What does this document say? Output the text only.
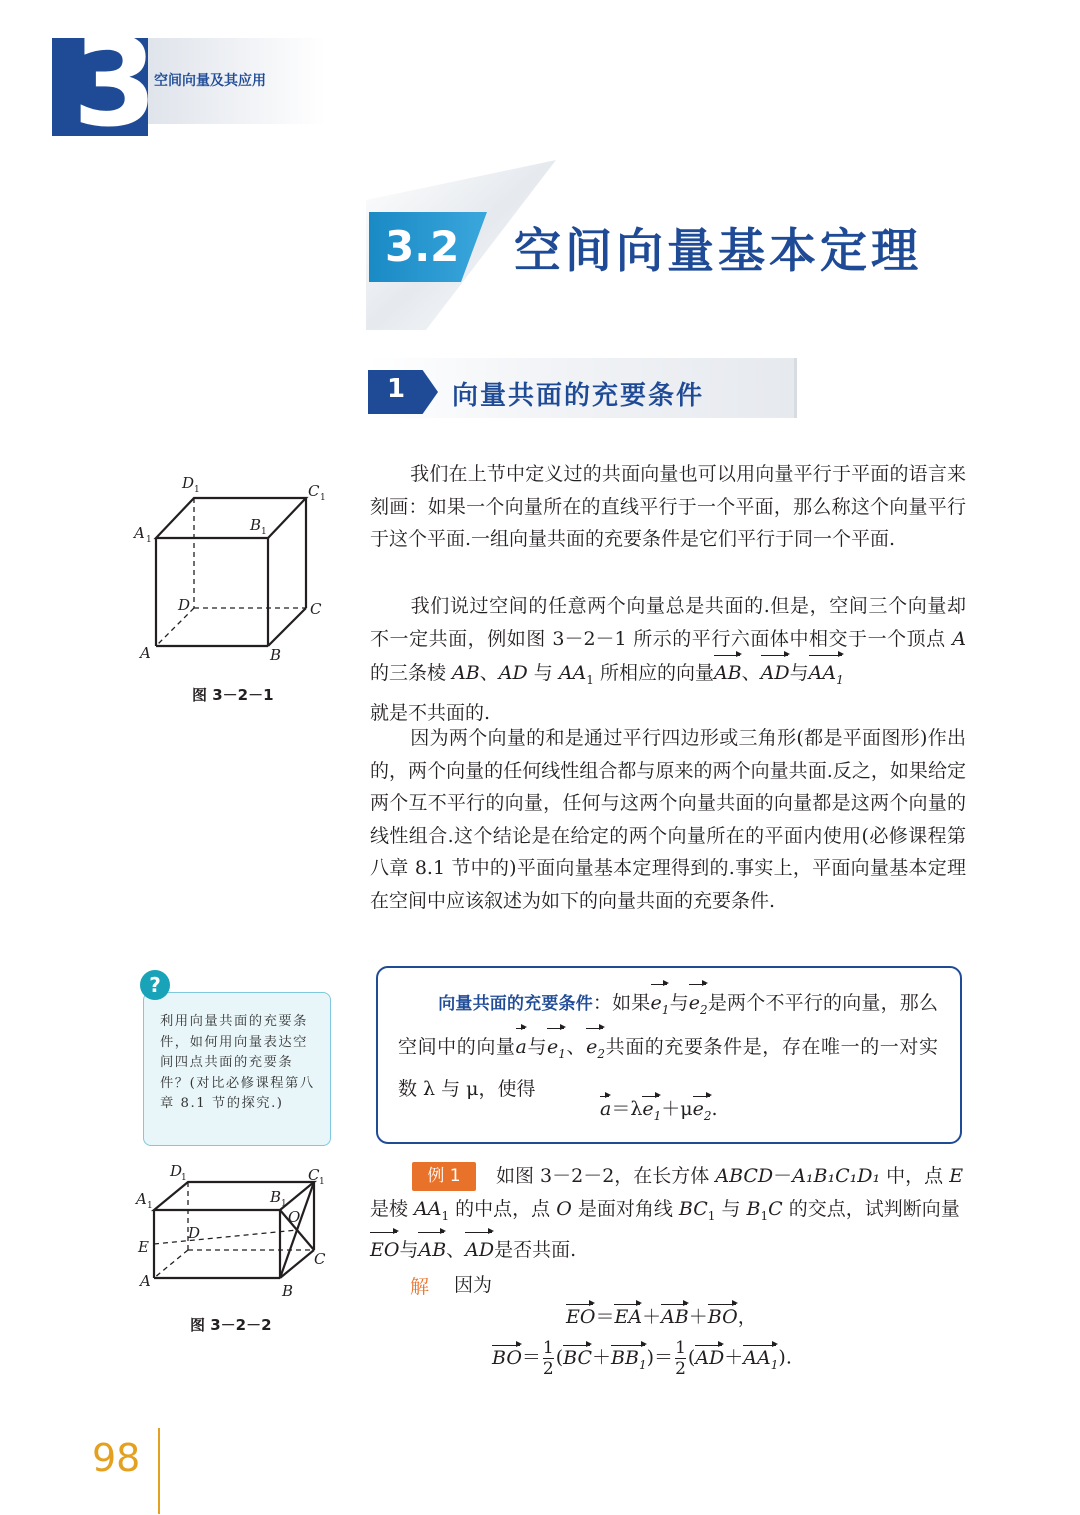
3
空间向量及其应用
3.2 空间向量基本定理
1 向量共面的充要条件
A 1
D 1	C 1
B 1
D	C
A	B
图 3－2－1

我们在上节中定义过的共面向量也可以用向量平行于平面的语言来刻画：如果一个向量所在的直线平行于一个平面，那么称这个向量平行于这个平面.一组向量共面的充要条件是它们平行于同一个平面.

我们说过空间的任意两个向量总是共面的.但是，空间三个向量却不一定共面，例如图 3－2－1 所示的平行六面体中相交于一个顶点 A 的三条棱 AB、AD 与 $AA_1$ 所相应的向量AB、AD与$AA_1$
就是不共面的.

因为两个向量的和是通过平行四边形或三角形(都是平面图形)作出的，两个向量的任何线性组合都与原来的两个向量共面.反之，如果给定两个互不平行的向量，任何与这两个向量共面的向量都是这两个向量的线性组合.这个结论是在给定的两个向量所在的平面内使用(必修课程第八章 8.1 节中的)平面向量基本定理得到的.事实上，平面向量基本定理在空间中应该叙述为如下的向量共面的充要条件.

向量共面的充要条件：如果$e_1$与$e_2$是两个不平行的向量，那么空间中的向量a与$e_1$、$e_2$共面的充要条件是，存在唯一的一对实数 λ 与 μ，使得
$a=\lambda e_1+\mu e_2$.
?
利用向量共面的充要条件，如何用向量表达空间四点共面的充要条件？(对比必修课程第八章 8.1 节的探究.)
A 1
D
1	C 1
B 1
O
D
E
C
A
B
图 3－2－2
例 1	如图 3－2－2，在长方体 ABCD－A₁B₁C₁D₁ 中，点 E
是棱 $AA_1$ 的中点，点 O 是面对角线 $BC_1$ 与 $B_1C$ 的交点，试判断向量
EO与AB、AD是否共面.

解 因为
EO＝EA＋AB＋BO，
$BO= \frac{1}{2} (BC+BB_1)= \frac{1}{2} (AD+AA_1)$.
98
